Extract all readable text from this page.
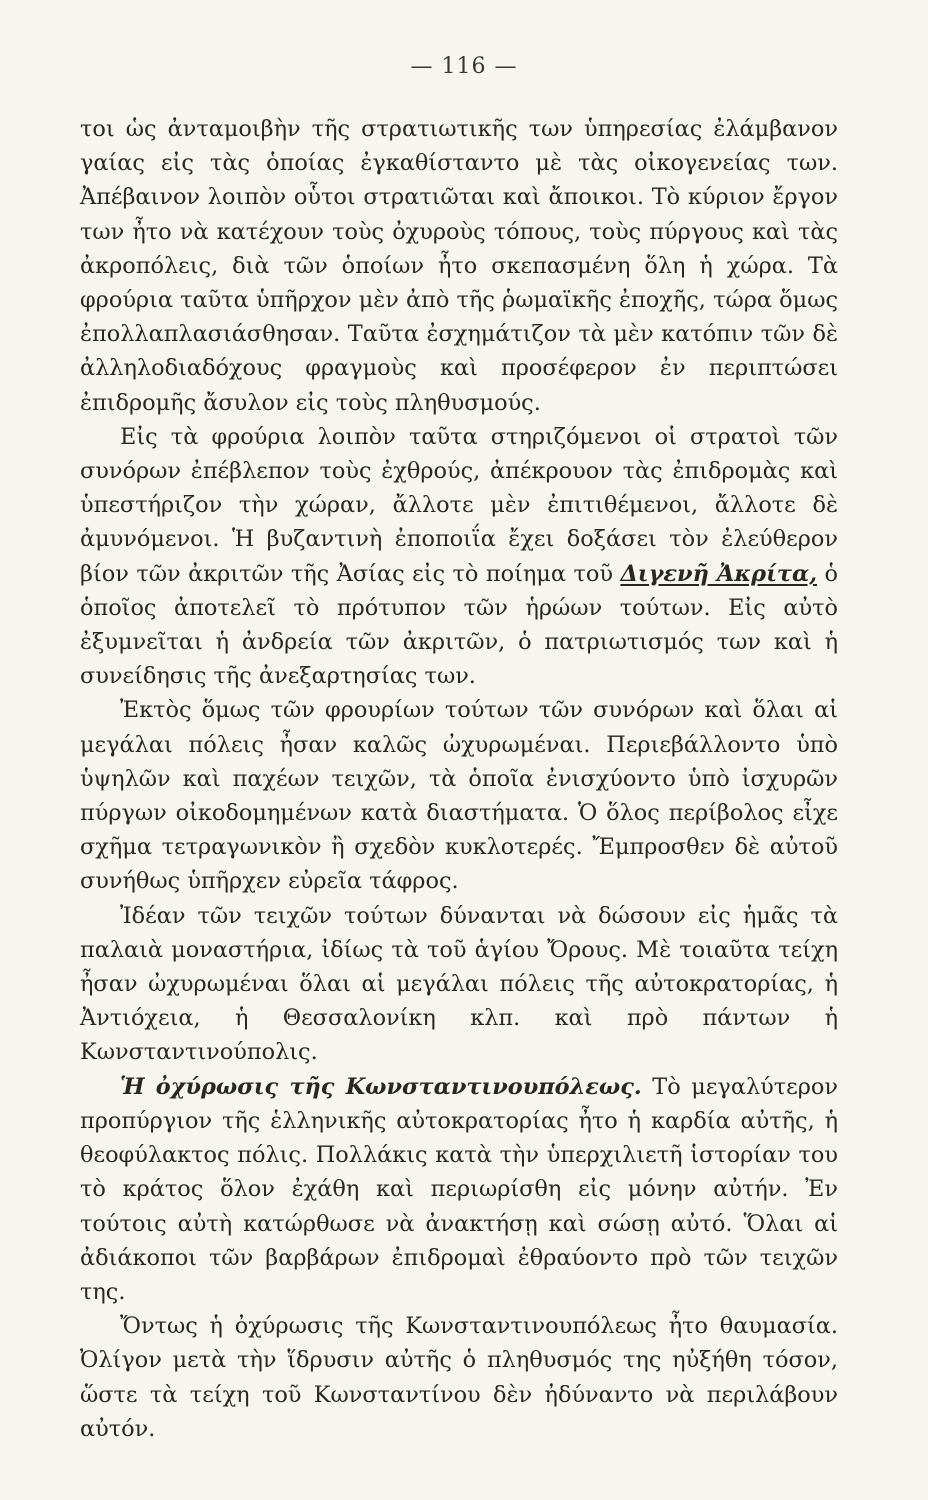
— 116 —

τοι ὡς ἀνταμοιβὴν τῆς στρατιωτικῆς των ὑπηρεσίας ἐλάμβανον γαίας εἰς τὰς ὁποίας ἐγκαθίσταντο μὲ τὰς οἰκογενείας των. Ἀπέβαινον λοιπὸν οὗτοι στρατιῶται καὶ ἄποικοι. Τὸ κύριον ἔργον των ἦτο νὰ κατέχουν τοὺς ὀχυροὺς τόπους, τοὺς πύργους καὶ τὰς ἀκροπόλεις, διὰ τῶν ὁποίων ἦτο σκεπασμένη ὅλη ἡ χώρα. Τὰ φρούρια ταῦτα ὑπῆρχον μὲν ἀπὸ τῆς ῥωμαϊκῆς ἐποχῆς, τώρα ὅμως ἐπολλαπλασιάσθησαν. Ταῦτα ἐσχημάτιζον τὰ μὲν κατόπιν τῶν δὲ ἀλληλοδιαδόχους φραγμοὺς καὶ προσέφερον ἐν περιπτώσει ἐπιδρομῆς ἄσυλον εἰς τοὺς πληθυσμούς.

Εἰς τὰ φρούρια λοιπὸν ταῦτα στηριζόμενοι οἱ στρατοὶ τῶν συνόρων ἐπέβλεπον τοὺς ἐχθρούς, ἀπέκρουον τὰς ἐπιδρομὰς καὶ ὑπεστήριζον τὴν χώραν, ἄλλοτε μὲν ἐπιτιθέμενοι, ἄλλοτε δὲ ἀμυνόμενοι. Ἡ βυζαντινὴ ἐποποιΐα ἔχει δοξάσει τὸν ἐλεύθερον βίον τῶν ἀκριτῶν τῆς Ἀσίας εἰς τὸ ποίημα τοῦ Διγενῆ Ἀκρίτα, ὁ ὁποῖος ἀποτελεῖ τὸ πρότυπον τῶν ἡρώων τούτων. Εἰς αὐτὸ ἐξυμνεῖται ἡ ἀνδρεία τῶν ἀκριτῶν, ὁ πατριωτισμός των καὶ ἡ συνείδησις τῆς ἀνεξαρτησίας των.

Ἐκτὸς ὅμως τῶν φρουρίων τούτων τῶν συνόρων καὶ ὅλαι αἱ μεγάλαι πόλεις ἦσαν καλῶς ὠχυρωμέναι. Περιεβάλλοντο ὑπὸ ὑψηλῶν καὶ παχέων τειχῶν, τὰ ὁποῖα ἐνισχύοντο ὑπὸ ἰσχυρῶν πύργων οἰκοδομημένων κατὰ διαστήματα. Ὁ ὅλος περίβολος εἶχε σχῆμα τετραγωνικὸν ἢ σχεδὸν κυκλοτερές. Ἔμπροσθεν δὲ αὐτοῦ συνήθως ὑπῆρχεν εὐρεῖα τάφρος.

Ἰδέαν τῶν τειχῶν τούτων δύνανται νὰ δώσουν εἰς ἡμᾶς τὰ παλαιὰ μοναστήρια, ἰδίως τὰ τοῦ ἁγίου Ὄρους. Μὲ τοιαῦτα τείχη ἦσαν ὠχυρωμέναι ὅλαι αἱ μεγάλαι πόλεις τῆς αὐτοκρατορίας, ἡ Ἀντιόχεια, ἡ Θεσσαλονίκη κλπ. καὶ πρὸ πάντων ἡ Κωνσταντινούπολις.

Ἡ ὀχύρωσις τῆς Κωνσταντινουπόλεως. Τὸ μεγαλύτερον προπύργιον τῆς ἑλληνικῆς αὐτοκρατορίας ἦτο ἡ καρδία αὐτῆς, ἡ θεοφύλακτος πόλις. Πολλάκις κατὰ τὴν ὑπερχιλιετῆ ἱστορίαν του τὸ κράτος ὅλον ἐχάθη καὶ περιωρίσθη εἰς μόνην αὐτήν. Ἐν τούτοις αὐτὴ κατώρθωσε νὰ ἀνακτήσῃ καὶ σώσῃ αὐτό. Ὅλαι αἱ ἀδιάκοποι τῶν βαρβάρων ἐπιδρομαὶ ἐθραύοντο πρὸ τῶν τειχῶν της.

Ὄντως ἡ ὀχύρωσις τῆς Κωνσταντινουπόλεως ἦτο θαυμασία. Ὀλίγον μετὰ τὴν ἵδρυσιν αὐτῆς ὁ πληθυσμός της ηὐξήθη τόσον, ὥστε τὰ τείχη τοῦ Κωνσταντίνου δὲν ἠδύναντο νὰ περιλάβουν αὐτόν.
